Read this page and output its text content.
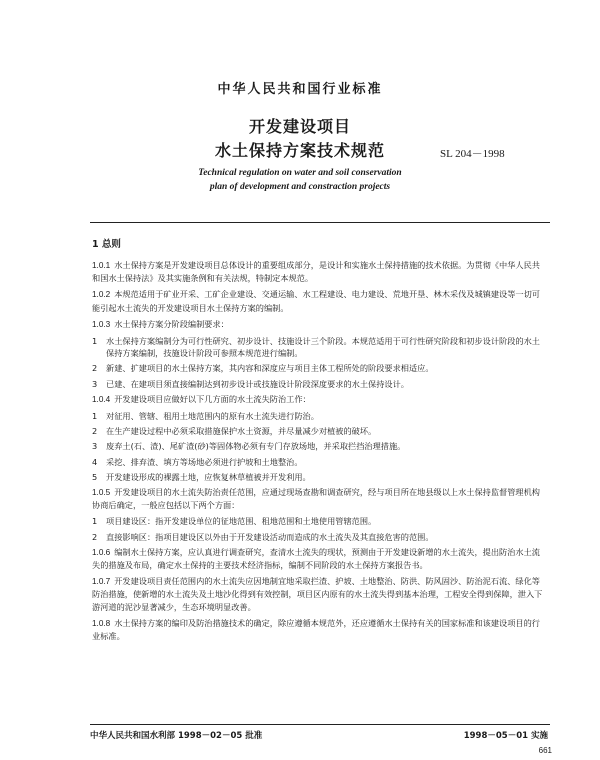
中华人民共和国行业标准
开发建设项目
水土保持方案技术规范	SL 204－1998
Technical regulation on water and soil conservation
plan of development and constraction projects
1 总则
1.0.1 水土保持方案是开发建设项目总体设计的重要组成部分，是设计和实施水土保持措施的技术依据。为贯彻《中华人民共和国水土保持法》及其实施条例和有关法规，特制定本规范。
1.0.2 本规范适用于矿业开采、工矿企业建设、交通运输、水工程建设、电力建设、荒地开垦、林木采伐及城镇建设等一切可能引起水土流失的开发建设项目水土保持方案的编制。
1.0.3 水土保持方案分阶段编制要求：
1 水土保持方案编制分为可行性研究、初步设计、技施设计三个阶段。本规范适用于可行性研究阶段和初步设计阶段的水土保持方案编制，技施设计阶段可参照本规范进行编制。
2 新建、扩建项目的水土保持方案，其内容和深度应与项目主体工程所处的阶段要求相适应。
3 已建、在建项目须直接编制达到初步设计或技施设计阶段深度要求的水土保持设计。
1.0.4 开发建设项目应做好以下几方面的水土流失防治工作：
1 对征用、管辖、租用土地范围内的原有水土流失进行防治。
2 在生产建设过程中必须采取措施保护水土资源，并尽量减少对植被的破坏。
3 废弃土(石、渣)、尾矿渣(砂)等固体物必须有专门存放场地，并采取拦挡治理措施。
4 采挖、排弃渣、填方等场地必须进行护坡和土地整治。
5 开发建设形成的裸露土地，应恢复林草植被并开发利用。
1.0.5 开发建设项目的水土流失防治责任范围，应通过现场查勘和调查研究，经与项目所在地县级以上水土保持监督管理机构协商后确定，一般应包括以下两个方面：
1 项目建设区：指开发建设单位的征地范围、租地范围和土地使用管辖范围。
2 直接影响区：指项目建设区以外由于开发建设活动而造成的水土流失及其直接危害的范围。
1.0.6 编制水土保持方案，应认真进行调查研究，查清水土流失的现状，预测由于开发建设新增的水土流失，提出防治水土流失的措施及布局，确定水土保持的主要技术经济指标，编制不同阶段的水土保持方案报告书。
1.0.7 开发建设项目责任范围内的水土流失应因地制宜地采取拦渣、护坡、土地整治、防洪、防风固沙、防治泥石流、绿化等防治措施，使新增的水土流失及土地沙化得到有效控制，项目区内原有的水土流失得到基本治理，工程安全得到保障，泄入下游河道的泥沙显著减少，生态环境明显改善。
1.0.8 水土保持方案的编印及防治措施技术的确定，除应遵循本规范外，还应遵循水土保持有关的国家标准和该建设项目的行业标准。
中华人民共和国水利部 1998－02－05 批准	1998－05－01 实施
661
